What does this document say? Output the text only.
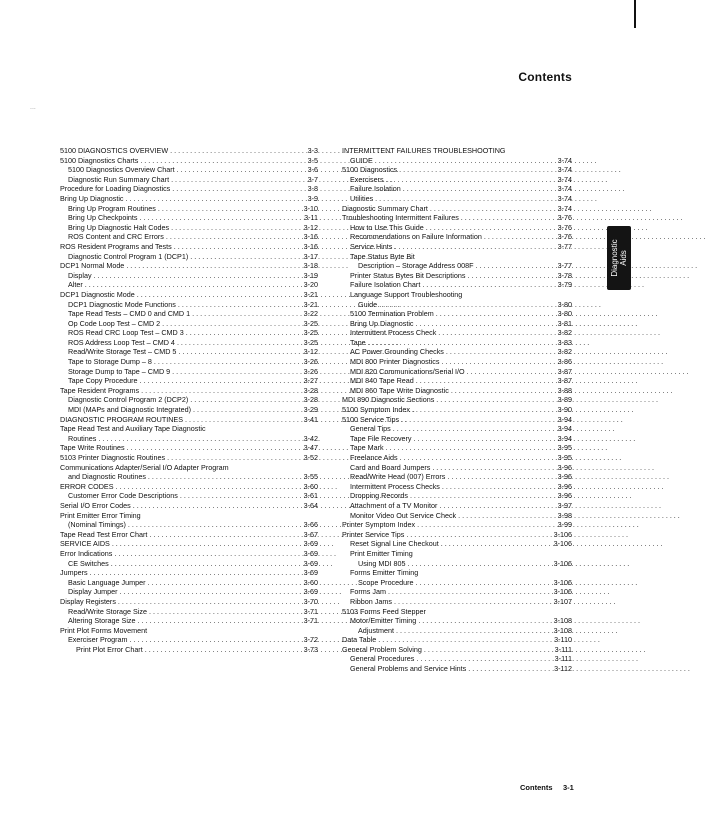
...
Contents
5100 DIAGNOSTICS OVERVIEW . . .	3-3
5100 Diagnostics Charts . . .	3-5
5100 Diagnostics Overview Chart . . .	3-6
Diagnostic Run Summary Chart . . .	3-7
Procedure for Loading Diagnostics . . .	3-8
Bring Up Diagnostic . . .	3-9
Bring Up Program Routines . . .	3-10
Bring Up Checkpoints . . .	3-11
Bring Up Diagnostic Halt Codes . . .	3-12
ROS Content and CRC Errors . . .	3-16
ROS Resident Programs and Tests . . .	3-16
Diagnostic Control Program 1 (DCP1) . . .	3-17
DCP1 Normal Mode . . .	3-18
Display . . .	3-19
Alter . . .	3-20
DCP1 Diagnostic Mode . . .	3-21
DCP1 Diagnostic Mode Functions . . .	3-21
Tape Read Tests – CMD 0 and CMD 1 . . .	3-22
Op Code Loop Test – CMD 2 . . .	3-25
ROS Read CRC Loop Test – CMD 3 . . .	3-25
ROS Address Loop Test – CMD 4 . . .	3-25
Read/Write Storage Test – CMD 5 . . .	3-12
Tape to Storage Dump – 8 . . .	3-26
Storage Dump to Tape – CMD 9 . . .	3-26
Tape Copy Procedure . . .	3-27
Tape Resident Programs . . .	3-28
Diagnostic Control Program 2 (DCP2) . . .	3-28
MDI (MAPs and Diagnostic Integrated) . . .	3-29
DIAGNOSTIC PROGRAM ROUTINES . . .	3-41
Tape Read Test and Auxiliary Tape Diagnostic
Routines . . .	3-42
Tape Write Routines . . .	3-47
5103 Printer Diagnostic Routines . . .	3-52
Communications Adapter/Serial I/O Adapter Program
and Diagnostic Routines . . .	3-55
ERROR CODES . . .	3-60
Customer Error Code Descriptions . . .	3-61
Serial I/O Error Codes . . .	3-64
Print Emitter Error Timing
(Nominal Timings) . . .	3-66
Tape Read Test Error Chart . . .	3-67
SERVICE AIDS . . .	3-69
Error Indications . . .	3-69
CE Switches . . .	3-69
Jumpers . . .	3-69
Basic Language Jumper . . .	3-60
Display Jumper . . .	3-69
Display Registers . . .	3-70
Read/Write Storage Size . . .	3-71
Altering Storage Size . . .	3-71
Print Plot Forms Movement
Exerciser Program . . .	3-72
Print Plot Error Chart . . .	3-73
INTERMITTENT FAILURES TROUBLESHOOTING
GUIDE . . .	3-74
5100 Diagnostics . . .	3-74
Exercisers . . .	3-74
Failure Isolation . . .	3-74
Utilities . . .	3-74
Diagnostic Summary Chart . . .	3-74
Troubleshooting Intermittent Failures . . .	3-76
How to Use This Guide . . .	3-76
Recommendations on Failure Information . . .	3-76
Service Hints . . .	3-77
Tape Status Byte Bit
Description – Storage Address 008F . . .	3-77
Printer Status Bytes Bit Descriptions . . .	3-78
Failure Isolation Chart . . .	3-79
Language Support Troubleshooting
Guide . . .	3-80
5100 Termination Problem . . .	3-80
Bring Up Diagnostic . . .	3-81
Intermittent Process Check . . .	3-82
Tape . . .	3-83
AC Power Grounding Checks . . .	3-82
MDI 800 Printer Diagnostics . . .	3-86
MDI 820 Communications/Serial I/O . . .	3-87
MDI 840 Tape Read . . .	3-87
MDI 860 Tape Write Diagnostic . . .	3-88
MDI 890 Diagnostic Sections . . .	3-89
5100 Symptom Index . . .	3-90
5100 Service Tips . . .	3-94
General Tips . . .	3-94
Tape File Recovery . . .	3-94
Tape Mark . . .	3-95
Freelance Aids . . .	3-95
Card and Board Jumpers . . .	3-96
Read/Write Head (007) Errors . . .	3-96
Intermittent Process Checks . . .	3-96
Dropping Records . . .	3-96
Attachment of a TV Monitor . . .	3-97
Monitor Video Out Service Check . . .	3-98
Printer Symptom Index . . .	3-99
Printer Service Tips . . .	3-106
Reset Signal Line Checkout . . .	3-106
Print Emitter Timing
Using MDI 805 . . .	3-106
Forms Emitter Timing
Scope Procedure . . .	3-106
Forms Jam . . .	3-106
Ribbon Jams . . .	3-107
5103 Forms Feed Stepper
Motor/Emitter Timing . . .	3-108
Adjustment . . .	3-108
Data Table . . .	3-110
General Problem Solving . . .	3-111
General Procedures . . .	3-111
General Problems and Service Hints . . .	3-112
Diagnostic Aids
Contents 3-1
